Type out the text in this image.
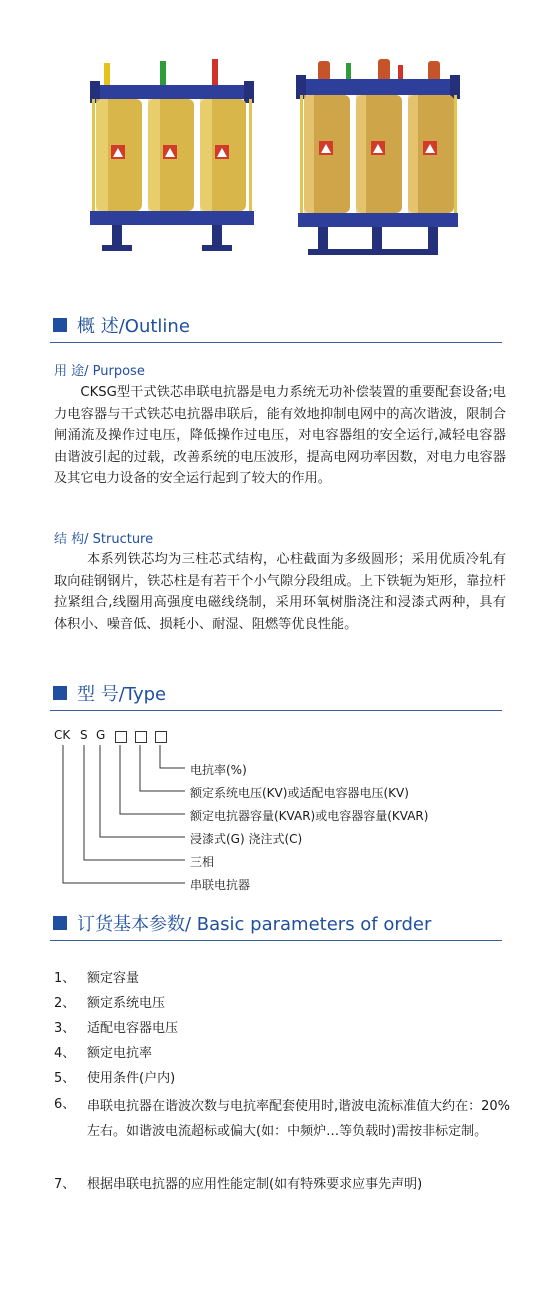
概 述/Outline
用 途/ Purpose

CKSG型干式铁芯串联电抗器是电力系统无功补偿装置的重要配套设备;电力电容器与干式铁芯电抗器串联后，能有效地抑制电网中的高次谐波，限制合闸涌流及操作过电压，降低操作过电压，对电容器组的安全运行,减轻电容器由谐波引起的过载，改善系统的电压波形，提高电网功率因数，对电力电容器及其它电力设备的安全运行起到了较大的作用。

结 构/ Structure

本系列铁芯均为三柱芯式结构，心柱截面为多级圆形；采用优质冷轧有取向硅钢钢片，铁芯柱是有若干个小气隙分段组成。上下铁轭为矩形，靠拉杆拉紧组合,线圈用高强度电磁线绕制，采用环氧树脂浇注和浸漆式两种，具有体积小、噪音低、损耗小、耐湿、阻燃等优良性能。

型 号/Type
CK S G
电抗率(%)
额定系统电压(KV)或适配电容器电压(KV)
额定电抗器容量(KVAR)或电容器容量(KVAR)
浸漆式(G) 浇注式(C)
三相
串联电抗器
订货基本参数/ Basic parameters of order
1、 额定容量
2、 额定系统电压
3、 适配电容器电压
4、 额定电抗率
5、 使用条件(户内)
6、 串联电抗器在谐波次数与电抗率配套使用时,谐波电流标准值大约在：20%左右。如谐波电流超标或偏大(如：中频炉…等负载时)需按非标定制。
7、 根据串联电抗器的应用性能定制(如有特殊要求应事先声明)
